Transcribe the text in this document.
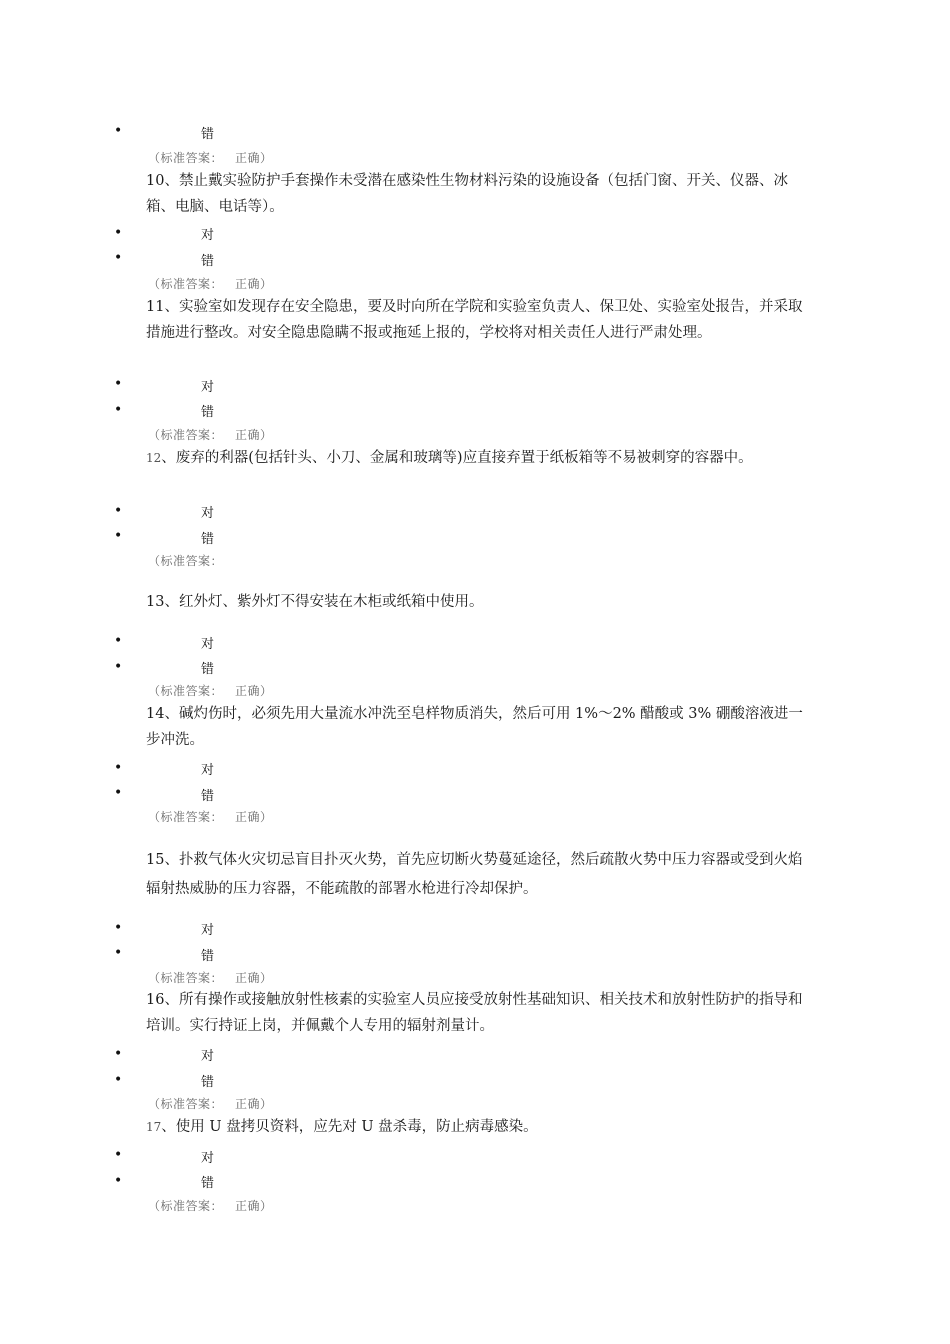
•	错
（标准答案： 正确）
10、禁止戴实验防护手套操作未受潜在感染性生物材料污染的设施设备（包括门窗、开关、仪器、冰箱、电脑、电话等）。
•	对
•	错
（标准答案： 正确）
11、实验室如发现存在安全隐患，要及时向所在学院和实验室负责人、保卫处、实验室处报告，并采取措施进行整改。对安全隐患隐瞒不报或拖延上报的，学校将对相关责任人进行严肃处理。
•	对
•	错
（标准答案： 正确）
12、废弃的利器(包括针头、小刀、金属和玻璃等)应直接弃置于纸板箱等不易被刺穿的容器中。
•	对
•	错
（标准答案：
13、红外灯、紫外灯不得安装在木柜或纸箱中使用。
•	对
•	错
（标准答案： 正确）
14、碱灼伤时，必须先用大量流水冲洗至皂样物质消失，然后可用 1%～2% 醋酸或 3% 硼酸溶液进一步冲洗。
•	对
•	错
（标准答案： 正确）
15、扑救气体火灾切忌盲目扑灭火势，首先应切断火势蔓延途径，然后疏散火势中压力容器或受到火焰辐射热威胁的压力容器，不能疏散的部署水枪进行冷却保护。
•	对
•	错
（标准答案： 正确）
16、所有操作或接触放射性核素的实验室人员应接受放射性基础知识、相关技术和放射性防护的指导和培训。实行持证上岗，并佩戴个人专用的辐射剂量计。
•	对
•	错
（标准答案： 正确）
17、使用 U 盘拷贝资料，应先对 U 盘杀毒，防止病毒感染。
•	对
•	错
（标准答案： 正确）
